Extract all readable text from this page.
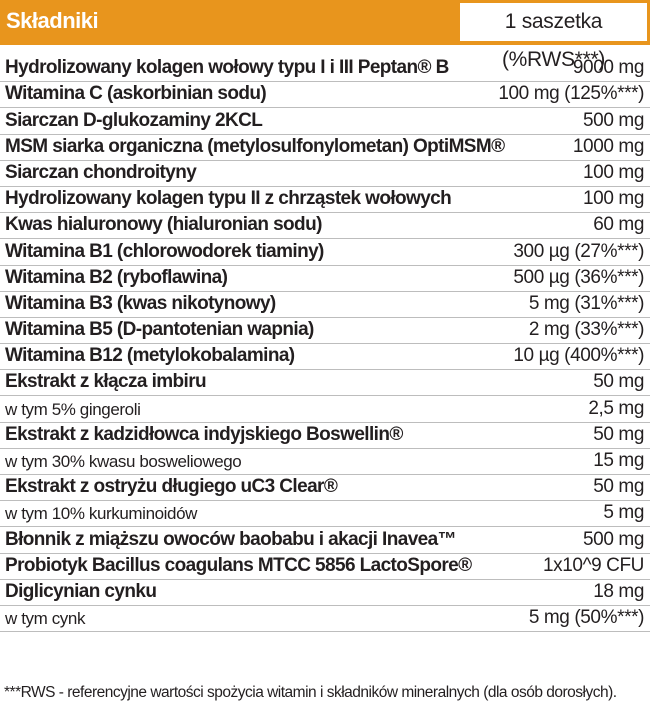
Składniki	1 saszetka (%RWS***)
Hydrolizowany kolagen wołowy typu I i III Peptan® B	9000 mg
Witamina C (askorbinian sodu)	100 mg (125%***)
Siarczan D-glukozaminy 2KCL	500 mg
MSM siarka organiczna (metylosulfonylometan) OptiMSM®	1000 mg
Siarczan chondroityny	100 mg
Hydrolizowany kolagen typu II z chrząstek wołowych	100 mg
Kwas hialuronowy (hialuronian sodu)	60 mg
Witamina B1 (chlorowodorek tiaminy)	300 µg (27%***)
Witamina B2 (ryboflawina)	500 µg (36%***)
Witamina B3 (kwas nikotynowy)	5 mg (31%***)
Witamina B5 (D-pantotenian wapnia)	2 mg (33%***)
Witamina B12 (metylokobalamina)	10 µg (400%***)
Ekstrakt z kłącza imbiru	50 mg
w tym 5% gingeroli	2,5 mg
Ekstrakt z kadzidłowca indyjskiego Boswellin®	50 mg
w tym 30% kwasu bosweliowego	15 mg
Ekstrakt z ostryżu długiego uC3 Clear®	50 mg
w tym 10% kurkuminoidów	5 mg
Błonnik z miąższu owoców baobabu i akacji Inavea™	500 mg
Probiotyk Bacillus coagulans MTCC 5856 LactoSpore®	1x10^9 CFU
Diglicynian cynku	18 mg
w tym cynk	5 mg (50%***)
***RWS - referencyjne wartości spożycia witamin i składników mineralnych (dla osób dorosłych).
